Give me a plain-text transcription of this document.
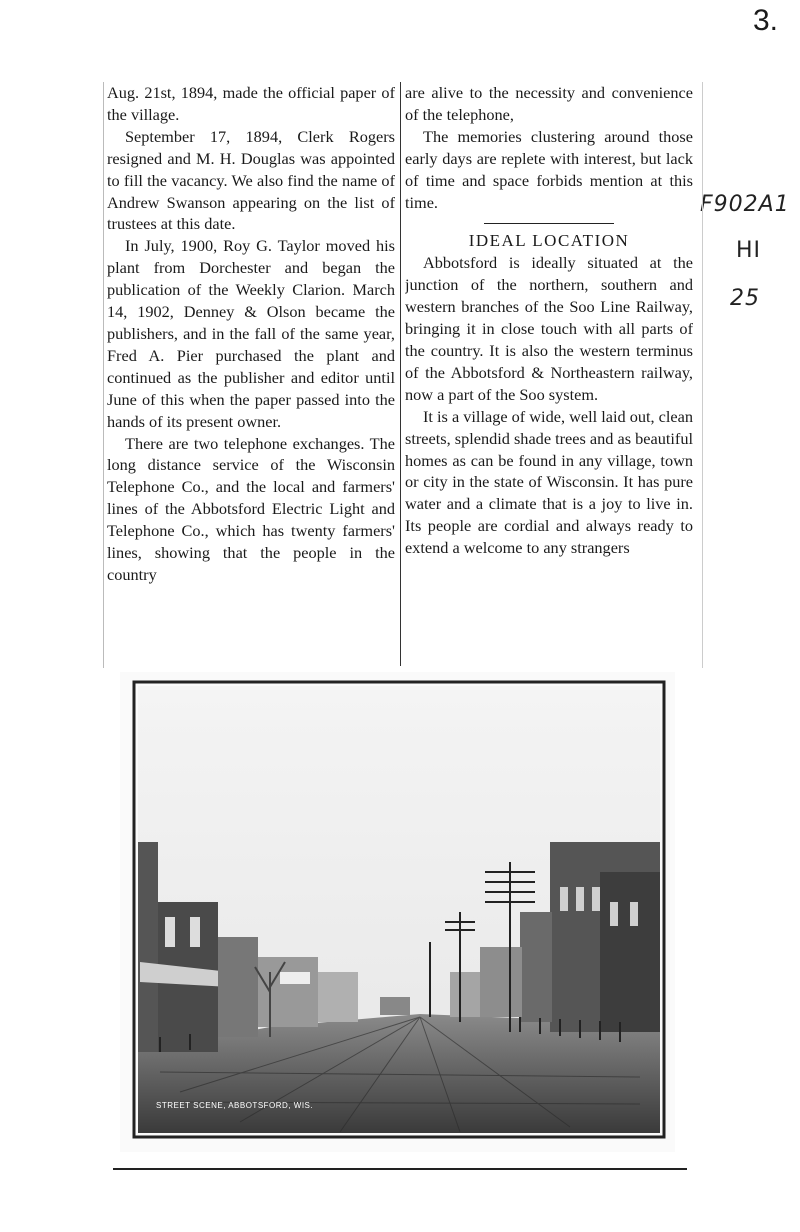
3.
F902A1
HI
25

Aug. 21st, 1894, made the official paper of the village.

September 17, 1894, Clerk Rogers resigned and M. H. Douglas was appointed to fill the vacancy. We also find the name of Andrew Swanson appearing on the list of trustees at this date.

In July, 1900, Roy G. Taylor moved his plant from Dorchester and began the publication of the Weekly Clarion. March 14, 1902, Denney & Olson became the publishers, and in the fall of the same year, Fred A. Pier purchased the plant and continued as the publisher and editor until June of this when the paper passed into the hands of its present owner.

There are two telephone exchanges. The long distance service of the Wisconsin Telephone Co., and the local and farmers' lines of the Abbotsford Electric Light and Telephone Co., which has twenty farmers' lines, showing that the people in the country

are alive to the necessity and convenience of the telephone,

The memories clustering around those early days are replete with interest, but lack of time and space forbids mention at this time.

IDEAL LOCATION

Abbotsford is ideally situated at the junction of the northern, southern and western branches of the Soo Line Railway, bringing it in close touch with all parts of the country. It is also the western terminus of the Abbotsford & Northeastern railway, now a part of the Soo system.

It is a village of wide, well laid out, clean streets, splendid shade trees and as beautiful homes as can be found in any village, town or city in the state of Wisconsin. It has pure water and a climate that is a joy to live in. Its people are cordial and always ready to extend a welcome to any strangers

STREET SCENE, ABBOTSFORD, WIS.
